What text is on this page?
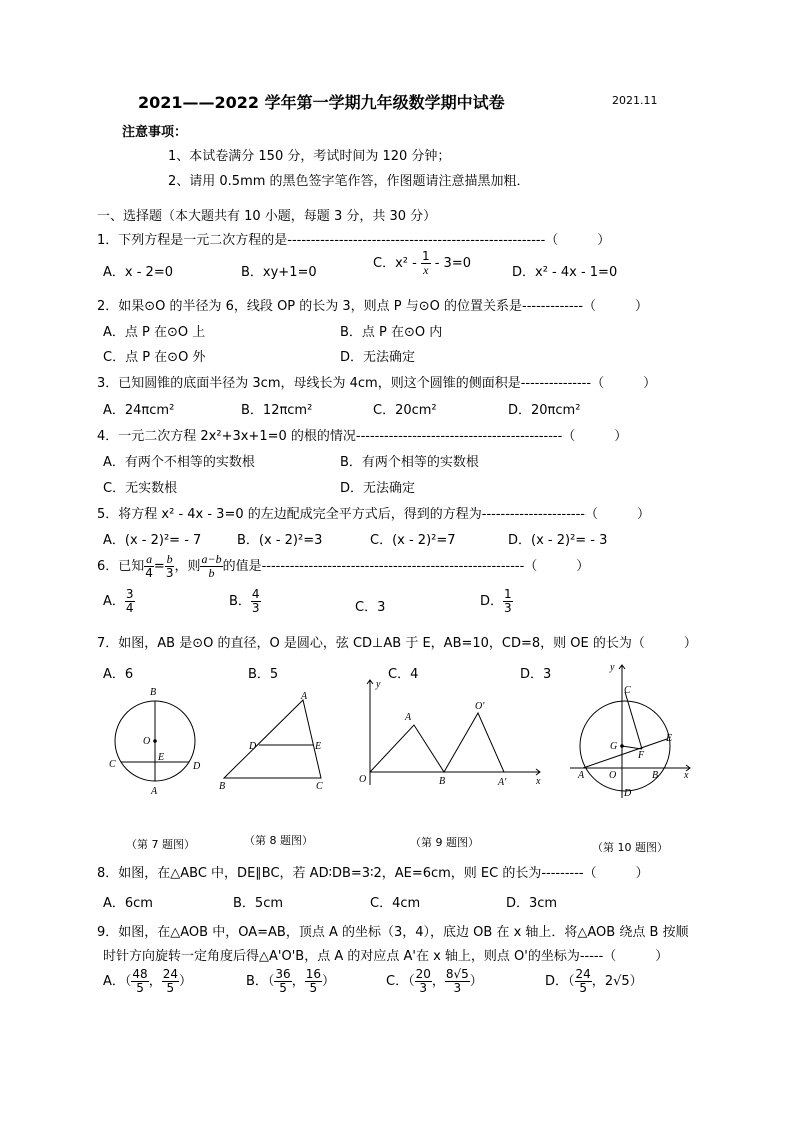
2021——2022 学年第一学期九年级数学期中试卷	2021.11
注意事项：
1、本试卷满分 150 分，考试时间为 120 分钟；
2、请用 0.5mm 的黑色签字笔作答，作图题请注意描黑加粗．
一、选择题（本大题共有 10 小题，每题 3 分，共 30 分）
1．下列方程是一元二次方程的是-------------------------------------------------------（　　　）
A．x - 2=0	B．xy+1=0
C．$x^2 - \frac{1}{x} - 3=0$
D．x² - 4x - 1=0
2．如果⊙O 的半径为 6，线段 OP 的长为 3，则点 P 与⊙O 的位置关系是-------------（　　　）
A．点 P 在⊙O 上	B．点 P 在⊙O 内
C．点 P 在⊙O 外	D．无法确定
3．已知圆锥的底面半径为 3cm，母线长为 4cm，则这个圆锥的侧面积是---------------（　　　）
A．24πcm²	B．12πcm²	C．20cm²	D．20πcm²
4．一元二次方程 2x²+3x+1=0 的根的情况--------------------------------------------（　　　）
A．有两个不相等的实数根	B．有两个相等的实数根
C．无实数根	D．无法确定
5．将方程 x² - 4x - 3=0 的左边配成完全平方式后，得到的方程为----------------------（　　　）
A．(x - 2)²= - 7	B．(x - 2)²=3	C．(x - 2)²=7	D．(x - 2)²= - 3
6．已知 $\frac{a}{4} = \frac{b}{3}$ ，则 $\frac{a-b}{b}$ 的值是--------------------------------------------------------（　　　）
A． $\frac{3}{4}$	B． $\frac{4}{3}$	C．3	D． $\frac{1}{3}$
7．如图，AB 是⊙O 的直径，O 是圆心，弦 CD⊥AB 于 E，AB=10，CD=8，则 OE 的长为（　　　）
A．6	B．5	C．4	D．3
B
O
E
C	D
A
A
D	E
B	C
y
A
O'
O	B	A'	x
y
C
G
E
F
A O	B	x
D
（第 7 题图）	（第 8 题图）	（第 9 题图）	（第 10 题图）
8．如图，在△ABC 中，DE∥BC，若 AD∶DB=3∶2，AE=6cm，则 EC 的长为---------（　　　）
A．6cm	B．5cm	C．4cm	D．3cm
9．如图，在△AOB 中，OA=AB，顶点 A 的坐标（3，4），底边 OB 在 x 轴上．将△AOB 绕点 B 按顺
时针方向旋转一定角度后得△A'O'B，点 A 的对应点 A'在 x 轴上，则点 O'的坐标为-----（　　　）
A．（ $\frac{48}{5}$ ， $\frac{24}{5}$ ）	B．（ $\frac{36}{5}$ ， $\frac{16}{5}$ ）	C．（ $\frac{20}{3}$ ， $\frac{8√5}{3}$ ）	D．（ $\frac{24}{5}$ ，2√5）
